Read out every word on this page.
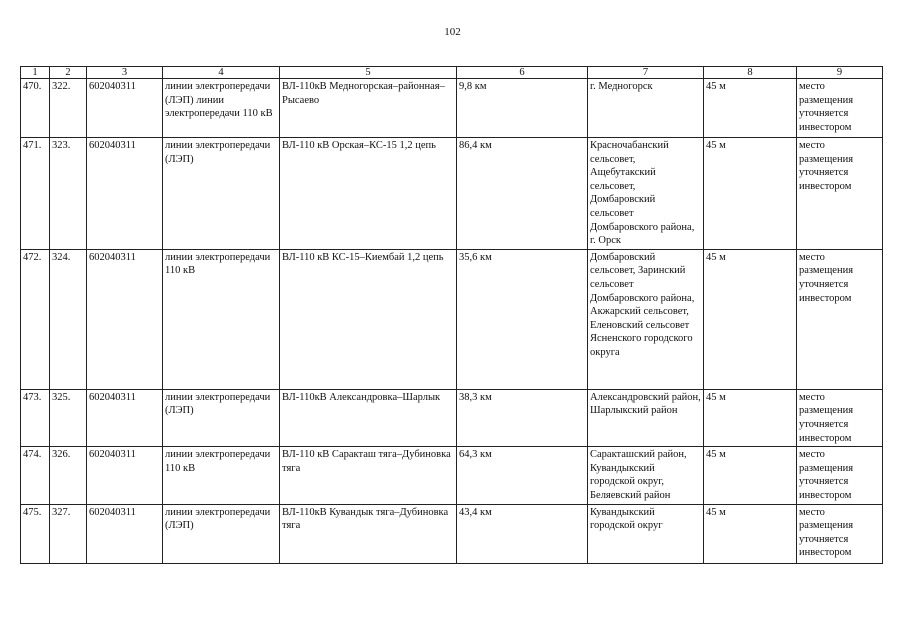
102
1	2	3	4	5	6	7	8	9
470.	322.	602040311	линии электропередачи (ЛЭП) линии электропередачи 110 кВ	ВЛ-110кВ Медногорская–районная–Рысаево	9,8 км	г. Медногорск	45 м	место размещения уточняется инвестором
471.	323.	602040311	линии электропередачи (ЛЭП)	ВЛ-110 кВ Орская–КС-15 1,2 цепь	86,4 км	Красночабанский сельсовет, Ащебутакский сельсовет, Домбаровский сельсовет Домбаровского района, г. Орск	45 м	место размещения уточняется инвестором
472.	324.	602040311	линии электропередачи 110 кВ	ВЛ-110 кВ КС-15–Киембай 1,2 цепь	35,6 км	Домбаровский сельсовет, Заринский сельсовет Домбаровского района, Акжарский сельсовет, Еленовский сельсовет Ясненского городского округа	45 м	место размещения уточняется инвестором
473.	325.	602040311	линии электропередачи (ЛЭП)	ВЛ-110кВ Александровка–Шарлык	38,3 км	Александровский район, Шарлыкский район	45 м	место размещения уточняется инвестором
474.	326.	602040311	линии электропередачи 110 кВ	ВЛ-110 кВ Саракташ тяга–Дубиновка тяга	64,3 км	Саракташский район, Кувандыкский городской округ, Беляевский район	45 м	место размещения уточняется инвестором
475.	327.	602040311	линии электропередачи (ЛЭП)	ВЛ-110кВ Кувандык тяга–Дубиновка тяга	43,4 км	Кувандыкский городской округ	45 м	место размещения уточняется инвестором
